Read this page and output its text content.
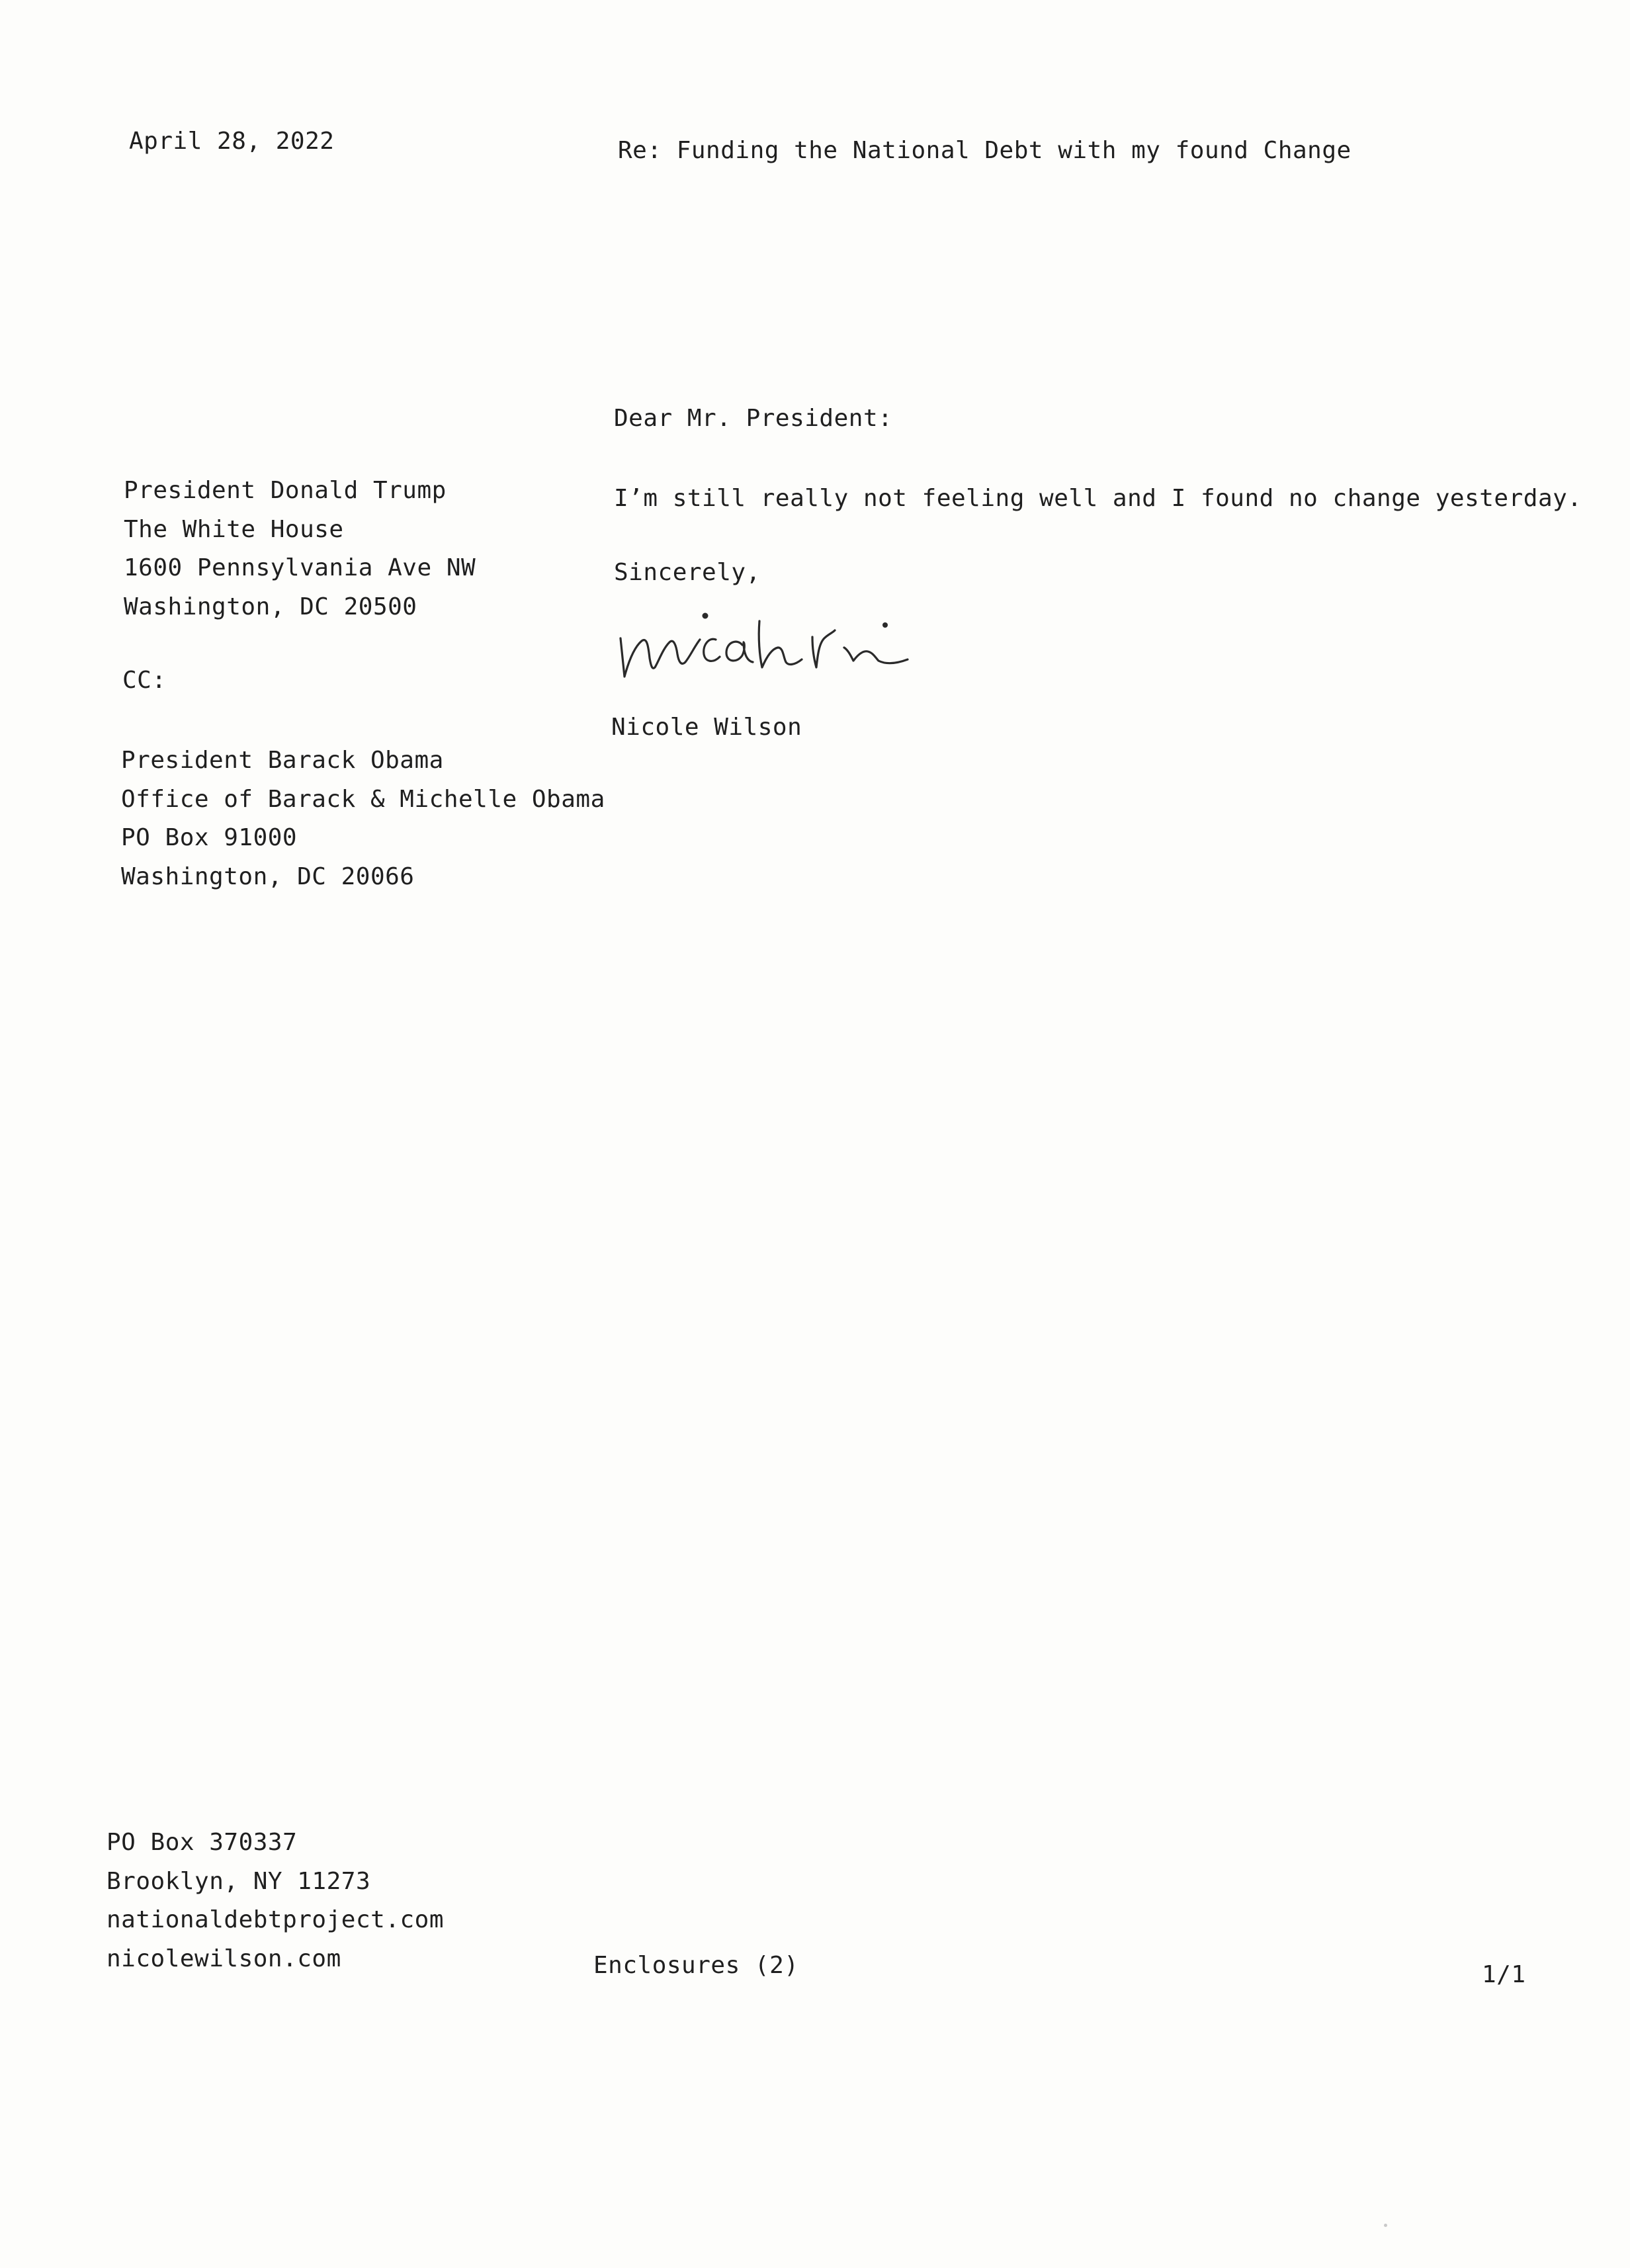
April 28, 2022	Re: Funding the National Debt with my found Change
Dear Mr. President:
President Donald Trump
The White House
1600 Pennsylvania Ave NW
Washington, DC 20500
I’m still really not feeling well and I found no change yesterday.
Sincerely,
Nicole Wilson
CC:
President Barack Obama
Office of Barack & Michelle Obama
PO Box 91000
Washington, DC 20066
PO Box 370337
Brooklyn, NY 11273
nationaldebtproject.com
nicolewilson.com	Enclosures (2)	1/1
